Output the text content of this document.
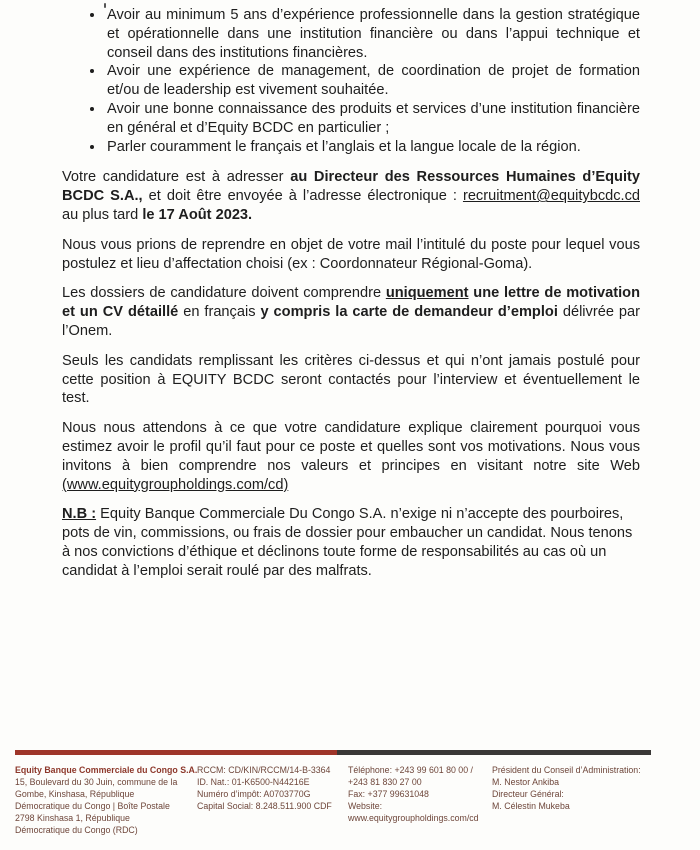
• Avoir au minimum 5 ans d’expérience professionnelle dans la gestion stratégique et opérationnelle dans une institution financière ou dans l’appui technique et conseil dans des institutions financières.
• Avoir une expérience de management, de coordination de projet de formation et/ou de leadership est vivement souhaitée.
• Avoir une bonne connaissance des produits et services d’une institution financière en général et d’Equity BCDC en particulier ;
• Parler couramment le français et l’anglais et la langue locale de la région.

Votre candidature est à adresser au Directeur des Ressources Humaines d’Equity BCDC S.A., et doit être envoyée à l’adresse électronique : recruitment@equitybcdc.cd au plus tard le 17 Août 2023.

Nous vous prions de reprendre en objet de votre mail l’intitulé du poste pour lequel vous postulez et lieu d’affectation choisi (ex : Coordonnateur Régional-Goma).

Les dossiers de candidature doivent comprendre uniquement une lettre de motivation et un CV détaillé en français y compris la carte de demandeur d’emploi délivrée par l’Onem.

Seuls les candidats remplissant les critères ci-dessus et qui n’ont jamais postulé pour cette position à EQUITY BCDC seront contactés pour l’interview et éventuellement le test.

Nous nous attendons à ce que votre candidature explique clairement pourquoi vous estimez avoir le profil qu’il faut pour ce poste et quelles sont vos motivations. Nous vous invitons à bien comprendre nos valeurs et principes en visitant notre site Web (www.equitygroupholdings.com/cd)

N.B : Equity Banque Commerciale Du Congo S.A. n’exige ni n’accepte des pourboires, pots de vin, commissions, ou frais de dossier pour embaucher un candidat. Nous tenons à nos convictions d’éthique et déclinons toute forme de responsabilités au cas où un candidat à l’emploi serait roulé par des malfrats.

Equity Banque Commerciale du Congo S.A.
15, Boulevard du 30 Juin, commune de la
Gombe, Kinshasa, République
Démocratique du Congo | Boîte Postale
2798 Kinshasa 1, République
Démocratique du Congo (RDC)
RCCM: CD/KIN/RCCM/14-B-3364
ID. Nat.: 01-K6500-N44216E
Numéro d’impôt: A0703770G
Capital Social: 8.248.511.900 CDF
Téléphone: +243 99 601 80 00 /
+243 81 830 27 00
Fax: +377 99631048
Website:
www.equitygroupholdings.com/cd
Président du Conseil d’Administration:
M. Nestor Ankiba
Directeur Général:
M. Célestin Mukeba
